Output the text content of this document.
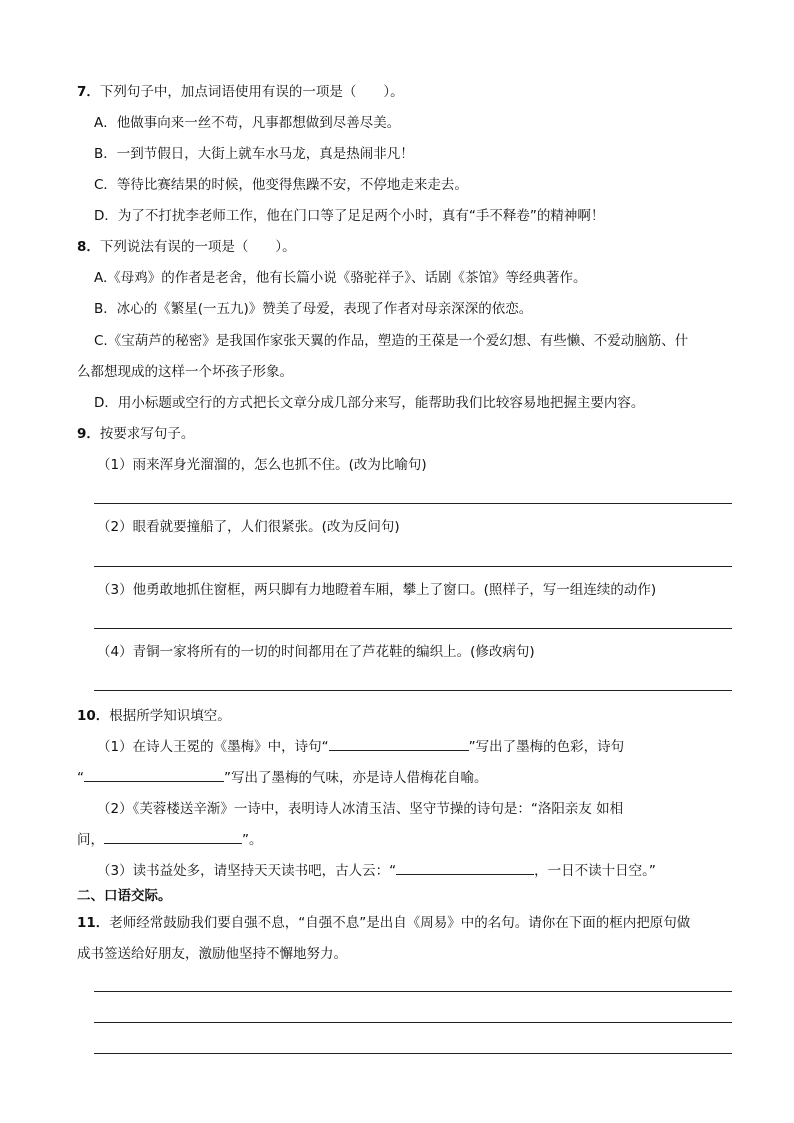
7．下列句子中，加点词语使用有误的一项是（　　）。
A．他做事向来一丝不苟，凡事都想做到尽善尽美。
B．一到节假日，大街上就车水马龙，真是热闹非凡！
C．等待比赛结果的时候，他变得焦躁不安，不停地走来走去。
D．为了不打扰李老师工作，他在门口等了足足两个小时，真有“手不释卷”的精神啊！
8．下列说法有误的一项是（　　）。
A.《母鸡》的作者是老舍，他有长篇小说《骆驼祥子》、话剧《茶馆》等经典著作。
B．冰心的《繁星(一五九)》赞美了母爱，表现了作者对母亲深深的依恋。
C.《宝葫芦的秘密》是我国作家张天翼的作品，塑造的王葆是一个爱幻想、有些懒、不爱动脑筋、什
么都想现成的这样一个坏孩子形象。
D．用小标题或空行的方式把长文章分成几部分来写，能帮助我们比较容易地把握主要内容。
9．按要求写句子。
（1）雨来浑身光溜溜的，怎么也抓不住。(改为比喻句)
（2）眼看就要撞船了，人们很紧张。(改为反问句)
（3）他勇敢地抓住窗框，两只脚有力地瞪着车厢，攀上了窗口。(照样子，写一组连续的动作)
（4）青铜一家将所有的一切的时间都用在了芦花鞋的编织上。(修改病句)
10．根据所学知识填空。
（1）在诗人王冕的《墨梅》中，诗句“	”写出了墨梅的色彩，诗句
“	”写出了墨梅的气味，亦是诗人借梅花自喻。
（2）《芙蓉楼送辛渐》一诗中，表明诗人冰清玉洁、坚守节操的诗句是：“洛阳亲友 如相
问，	”。
（3）读书益处多，请坚持天天读书吧，古人云：“	，一日不读十日空。”
二、口语交际。
11．老师经常鼓励我们要自强不息，“自强不息”是出自《周易》中的名句。请你在下面的框内把原句做
成书签送给好朋友，激励他坚持不懈地努力。
